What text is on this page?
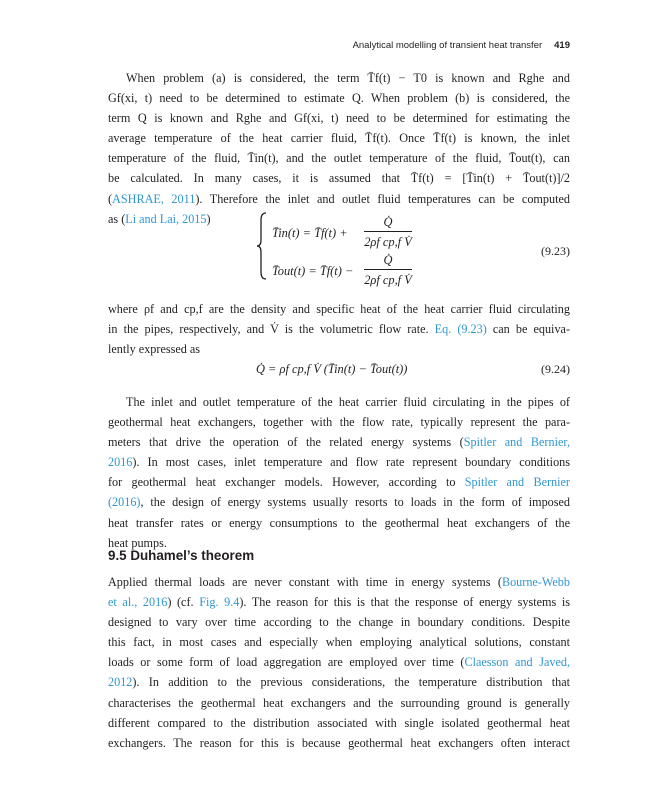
Analytical modelling of transient heat transfer 419
When problem (a) is considered, the term T̄f(t) − T0 is known and Rghe and
Gf(xi, t) need to be determined to estimate Q. When problem (b) is considered, the
term Q is known and Rghe and Gf(xi, t) need to be determined for estimating the
average temperature of the heat carrier fluid, T̄f(t). Once T̄f(t) is known, the inlet
temperature of the fluid, T̄in(t), and the outlet temperature of the fluid, T̄out(t), can
be calculated. In many cases, it is assumed that T̄f(t) = [T̄in(t) + T̄out(t)]/2
(ASHRAE, 2011). Therefore the inlet and outlet fluid temperatures can be computed
as (Li and Lai, 2015)
T̄in(t) = T̄f(t) +
Q̇
2ρf cp,f V̇
T̄out(t) = T̄f(t) −
Q̇
2ρf cp,f V̇
(9.23)
where ρf and cp,f are the density and specific heat of the heat carrier fluid circulating
in the pipes, respectively, and V̇ is the volumetric flow rate. Eq. (9.23) can be equiva-
lently expressed as
Q̇ = ρf cp,f V̇ (T̄in(t) − T̄out(t))	(9.24)
The inlet and outlet temperature of the heat carrier fluid circulating in the pipes of
geothermal heat exchangers, together with the flow rate, typically represent the para-
meters that drive the operation of the related energy systems (Spitler and Bernier,
2016). In most cases, inlet temperature and flow rate represent boundary conditions
for geothermal heat exchanger models. However, according to Spitler and Bernier
(2016), the design of energy systems usually resorts to loads in the form of imposed
heat transfer rates or energy consumptions to the geothermal heat exchangers of the
heat pumps.
9.5 Duhamel’s theorem
Applied thermal loads are never constant with time in energy systems (Bourne-Webb
et al., 2016) (cf. Fig. 9.4). The reason for this is that the response of energy systems is
designed to vary over time according to the change in boundary conditions. Despite
this fact, in most cases and especially when employing analytical solutions, constant
loads or some form of load aggregation are employed over time (Claesson and Javed,
2012). In addition to the previous considerations, the temperature distribution that
characterises the geothermal heat exchangers and the surrounding ground is generally
different compared to the distribution associated with single isolated geothermal heat
exchangers. The reason for this is because geothermal heat exchangers often interact
